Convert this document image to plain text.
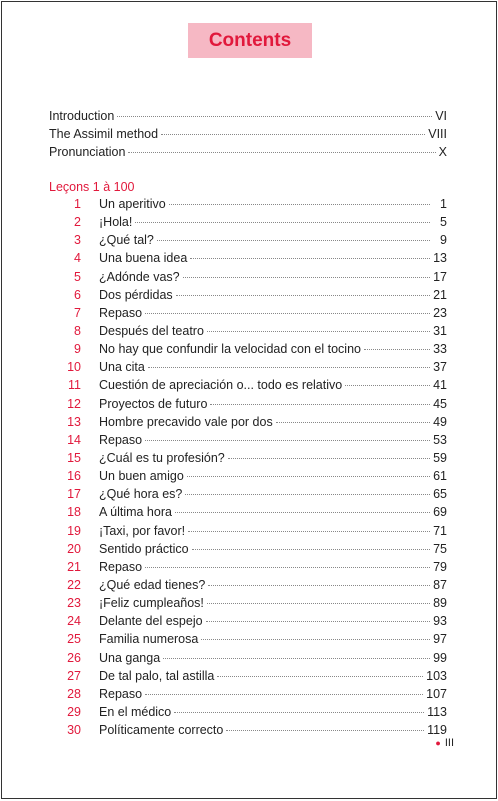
Contents
Introduction	VI
The Assimil method	VIII
Pronunciation	X
Leçons 1 à 100
1 Un aperitivo	1
2 ¡Hola!	5
3 ¿Qué tal?	9
4 Una buena idea	13
5 ¿Adónde vas?	17
6 Dos pérdidas	21
7 Repaso	23
8 Después del teatro	31
9 No hay que confundir la velocidad con el tocino	33
10 Una cita	37
11 Cuestión de apreciación o... todo es relativo	41
12 Proyectos de futuro	45
13 Hombre precavido vale por dos	49
14 Repaso	53
15 ¿Cuál es tu profesión?	59
16 Un buen amigo	61
17 ¿Qué hora es?	65
18 A última hora	69
19 ¡Taxi, por favor!	71
20 Sentido práctico	75
21 Repaso	79
22 ¿Qué edad tienes?	87
23 ¡Feliz cumpleaños!	89
24 Delante del espejo	93
25 Familia numerosa	97
26 Una ganga	99
27 De tal palo, tal astilla	103
28 Repaso	107
29 En el médico	113
30 Políticamente correcto	119
● III
